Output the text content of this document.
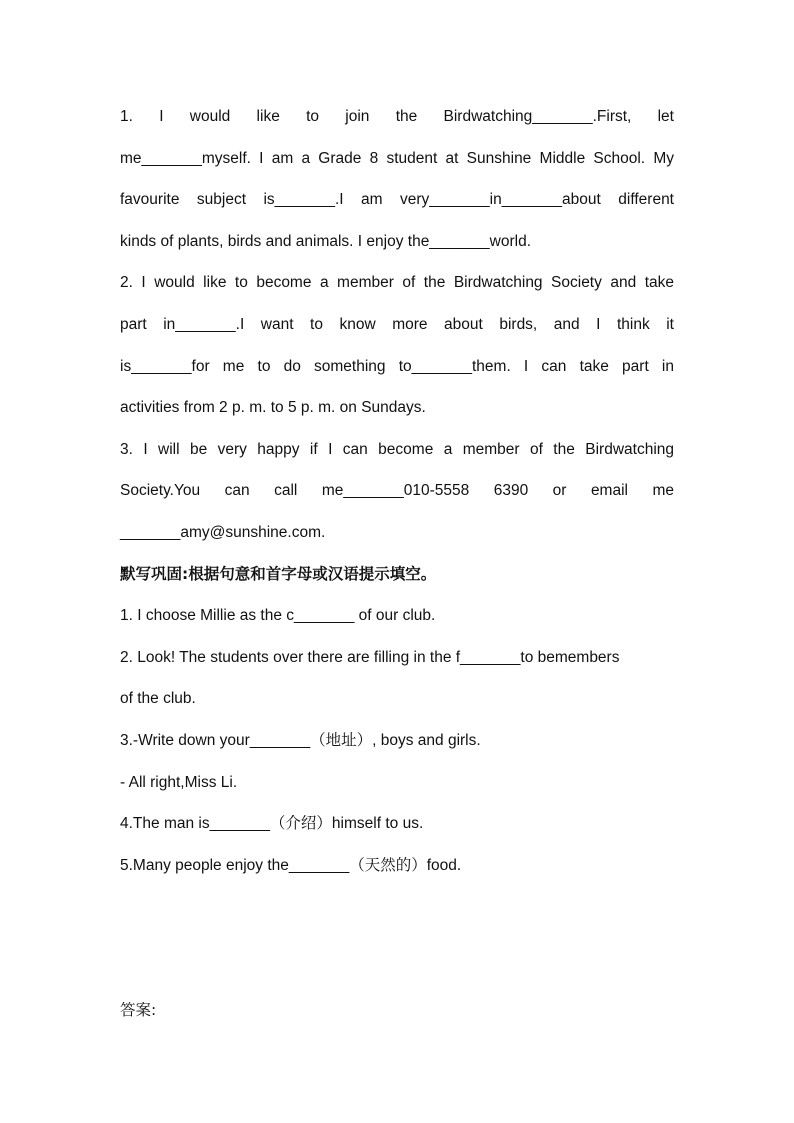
1. I would like to join the Birdwatching_______.First, let
me_______myself. I am a Grade 8 student at Sunshine Middle School. My
favourite subject is_______.I am very_______in_______about different
kinds of plants, birds and animals. I enjoy the_______world.
2. I would like to become a member of the Birdwatching Society and take
part in_______.I want to know more about birds, and I think it
is_______for me to do something to_______them. I can take part in
activities from 2 p. m. to 5 p. m. on Sundays.
3. I will be very happy if I can become a member of the Birdwatching
Society.You can call me_______010-5558 6390 or email me
_______amy@sunshine.com.
默写巩固:根据句意和首字母或汉语提示填空。
1. I choose Millie as the c_______ of our club.
2. Look! The students over there are filling in the f_______to bemembers
of the club.
3.-Write down your_______（地址）, boys and girls.
- All right,Miss Li.
4.The man is_______（介绍）himself to us.
5.Many people enjoy the_______（天然的）food.
答案:
